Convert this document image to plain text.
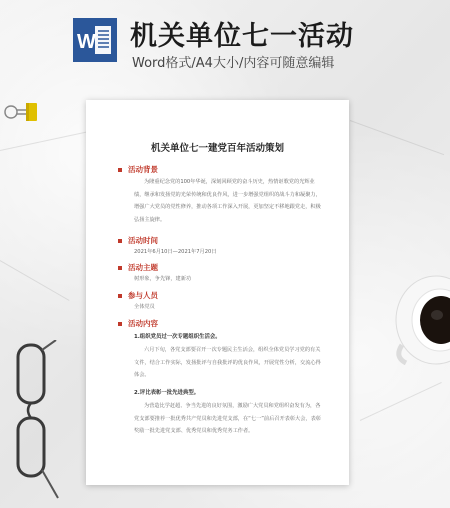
W 机关单位七一活动
Word格式/A4大小/内容可随意编辑
机关单位七一建党百年活动策划
活动背景
为隆重纪念党的100年华诞，深刻回顾党的奋斗历史，热情讴歌党的光辉业绩，继承和发扬党的光荣传统和优良作风，进一步增强党组织的战斗力和凝聚力，增强广大党员的党性修养，推动各项工作深入开展，更加坚定不移地跟党走，积极弘扬主旋律。
活动时间
2021年6月10日—2021年7月20日
活动主题
树形象，争先锋，建新功
参与人员
全体党员
活动内容
1.组织党员过一次专题组织生活会。
六月下旬，各党支部要召开一次专题民主生活会，组织全体党员学习党的有关文件，结合工作实际，发扬批评与自我批评的优良作风，开展党性分析，交流心得体会。
2.评比表彰一批先进典型。
为营造比学赶超、争当先进的良好氛围，激励广大党员和党组织奋发有为，各党支部要推荐一批优秀共产党员和先进党支部，在“七一”前后召开表彰大会，表彰奖励一批先进党支部、优秀党员和优秀党务工作者。
